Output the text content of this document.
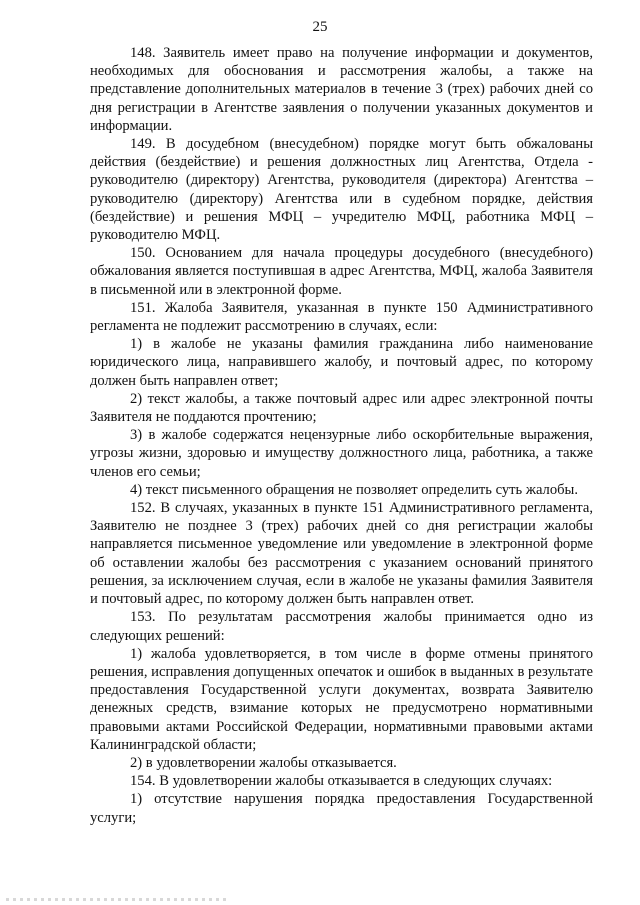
25

148. Заявитель имеет право на получение информации и документов, необходимых для обоснования и рассмотрения жалобы, а также на представление дополнительных материалов в течение 3 (трех) рабочих дней со дня регистрации в Агентстве заявления о получении указанных документов и информации.

149. В досудебном (внесудебном) порядке могут быть обжалованы действия (бездействие) и решения должностных лиц Агентства, Отдела - руководителю (директору) Агентства, руководителя (директора) Агентства – руководителю (директору) Агентства или в судебном порядке, действия (бездействие) и решения МФЦ – учредителю МФЦ, работника МФЦ – руководителю МФЦ.

150. Основанием для начала процедуры досудебного (внесудебного) обжалования является поступившая в адрес Агентства, МФЦ, жалоба Заявителя в письменной или в электронной форме.

151. Жалоба Заявителя, указанная в пункте 150 Административного регламента не подлежит рассмотрению в случаях, если:

1) в жалобе не указаны фамилия гражданина либо наименование юридического лица, направившего жалобу, и почтовый адрес, по которому должен быть направлен ответ;

2) текст жалобы, а также почтовый адрес или адрес электронной почты Заявителя не поддаются прочтению;

3) в жалобе содержатся нецензурные либо оскорбительные выражения, угрозы жизни, здоровью и имуществу должностного лица, работника, а также членов его семьи;

4) текст письменного обращения не позволяет определить суть жалобы.

152. В случаях, указанных в пункте 151 Административного регламента, Заявителю не позднее 3 (трех) рабочих дней со дня регистрации жалобы направляется письменное уведомление или уведомление в электронной форме об оставлении жалобы без рассмотрения с указанием оснований принятого решения, за исключением случая, если в жалобе не указаны фамилия Заявителя и почтовый адрес, по которому должен быть направлен ответ.

153. По результатам рассмотрения жалобы принимается одно из следующих решений:

1) жалоба удовлетворяется, в том числе в форме отмены принятого решения, исправления допущенных опечаток и ошибок в выданных в результате предоставления Государственной услуги документах, возврата Заявителю денежных средств, взимание которых не предусмотрено нормативными правовыми актами Российской Федерации, нормативными правовыми актами Калининградской области;

2) в удовлетворении жалобы отказывается.

154. В удовлетворении жалобы отказывается в следующих случаях:

1) отсутствие нарушения порядка предоставления Государственной услуги;
